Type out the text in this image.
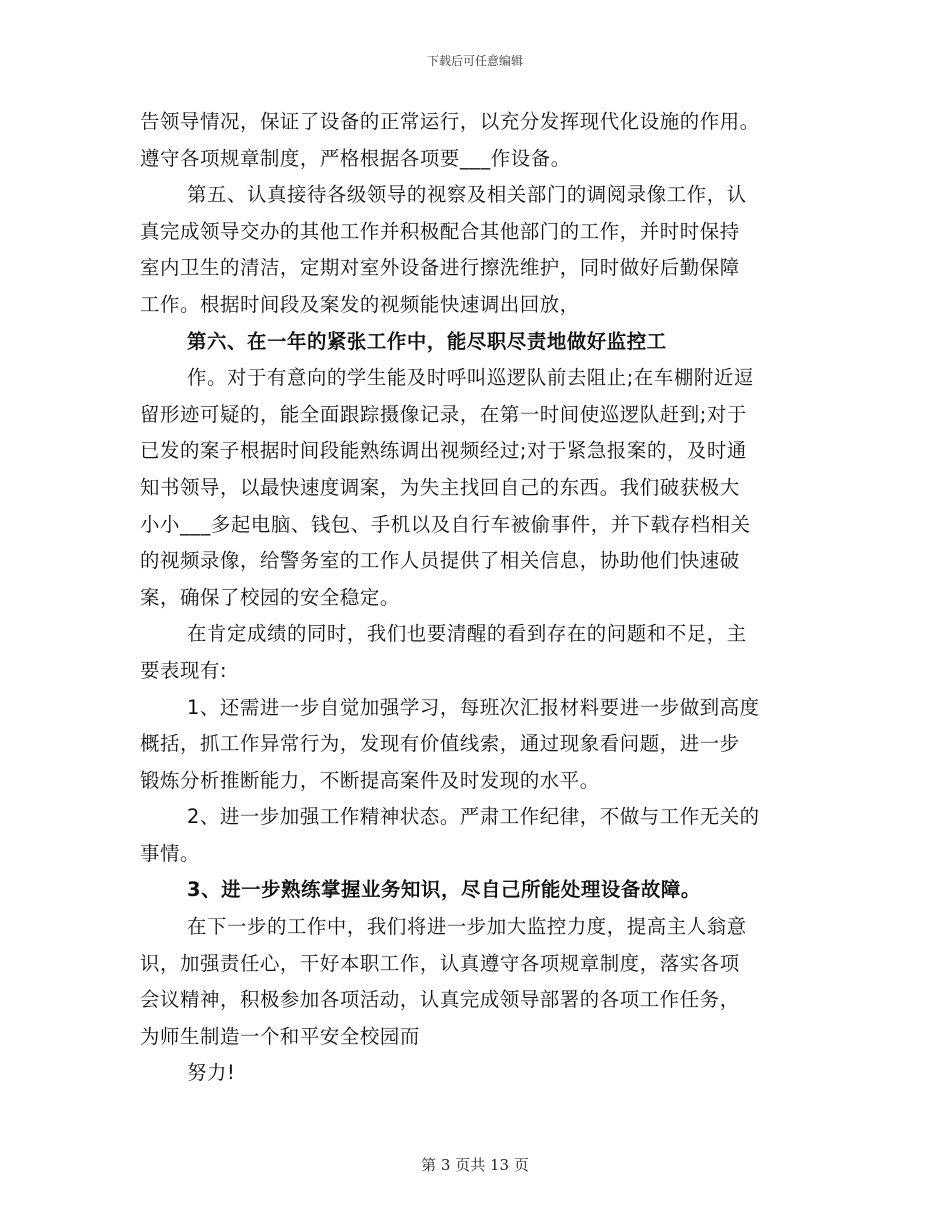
下载后可任意编辑
告领导情况，保证了设备的正常运行，以充分发挥现代化设施的作用。
遵守各项规章制度，严格根据各项要___作设备。
第五、认真接待各级领导的视察及相关部门的调阅录像工作，认
真完成领导交办的其他工作并积极配合其他部门的工作，并时时保持
室内卫生的清洁，定期对室外设备进行擦洗维护，同时做好后勤保障
工作。根据时间段及案发的视频能快速调出回放，
第六、在一年的紧张工作中，能尽职尽责地做好监控工
作。对于有意向的学生能及时呼叫巡逻队前去阻止;在车棚附近逗
留形迹可疑的，能全面跟踪摄像记录，在第一时间使巡逻队赶到;对于
已发的案子根据时间段能熟练调出视频经过;对于紧急报案的，及时通
知书领导，以最快速度调案，为失主找回自己的东西。我们破获极大
小小___多起电脑、钱包、手机以及自行车被偷事件，并下载存档相关
的视频录像，给警务室的工作人员提供了相关信息，协助他们快速破
案，确保了校园的安全稳定。
在肯定成绩的同时，我们也要清醒的看到存在的问题和不足，主
要表现有:
1、还需进一步自觉加强学习，每班次汇报材料要进一步做到高度
概括，抓工作异常行为，发现有价值线索，通过现象看问题，进一步
锻炼分析推断能力，不断提高案件及时发现的水平。
2、进一步加强工作精神状态。严肃工作纪律，不做与工作无关的
事情。
3、进一步熟练掌握业务知识，尽自己所能处理设备故障。
在下一步的工作中，我们将进一步加大监控力度，提高主人翁意
识，加强责任心，干好本职工作，认真遵守各项规章制度，落实各项
会议精神，积极参加各项活动，认真完成领导部署的各项工作任务，
为师生制造一个和平安全校园而
努力!
第 3 页共 13 页
